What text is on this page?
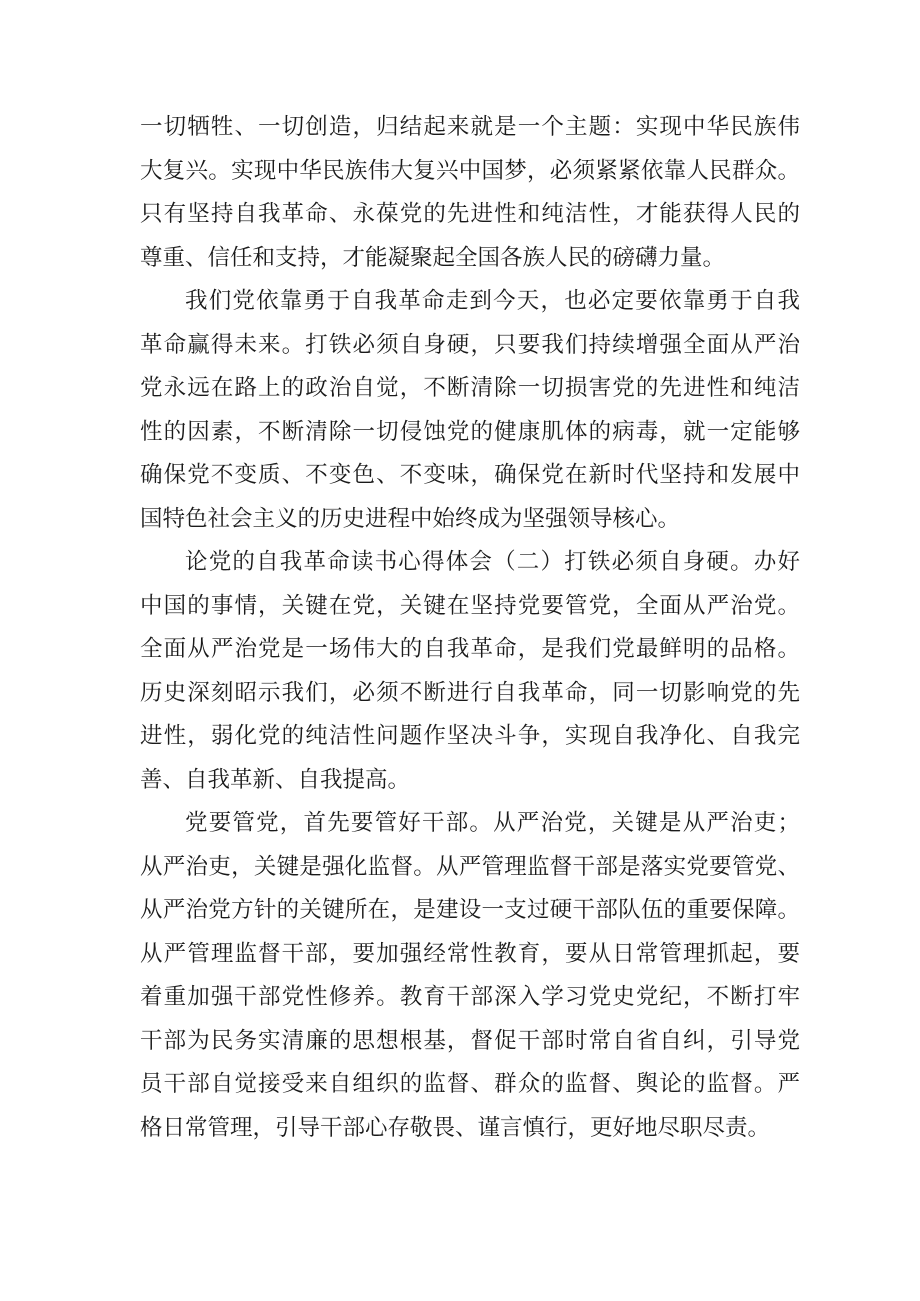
一切牺牲、一切创造，归结起来就是一个主题：实现中华民族伟
大复兴。实现中华民族伟大复兴中国梦，必须紧紧依靠人民群众。
只有坚持自我革命、永葆党的先进性和纯洁性，才能获得人民的
尊重、信任和支持，才能凝聚起全国各族人民的磅礴力量。
我们党依靠勇于自我革命走到今天，也必定要依靠勇于自我
革命赢得未来。打铁必须自身硬，只要我们持续增强全面从严治
党永远在路上的政治自觉，不断清除一切损害党的先进性和纯洁
性的因素，不断清除一切侵蚀党的健康肌体的病毒，就一定能够
确保党不变质、不变色、不变味，确保党在新时代坚持和发展中
国特色社会主义的历史进程中始终成为坚强领导核心。
论党的自我革命读书心得体会（二）打铁必须自身硬。办好
中国的事情，关键在党，关键在坚持党要管党，全面从严治党。
全面从严治党是一场伟大的自我革命，是我们党最鲜明的品格。
历史深刻昭示我们，必须不断进行自我革命，同一切影响党的先
进性，弱化党的纯洁性问题作坚决斗争，实现自我净化、自我完
善、自我革新、自我提高。
党要管党，首先要管好干部。从严治党，关键是从严治吏；
从严治吏，关键是强化监督。从严管理监督干部是落实党要管党、
从严治党方针的关键所在，是建设一支过硬干部队伍的重要保障。
从严管理监督干部，要加强经常性教育，要从日常管理抓起，要
着重加强干部党性修养。教育干部深入学习党史党纪，不断打牢
干部为民务实清廉的思想根基，督促干部时常自省自纠，引导党
员干部自觉接受来自组织的监督、群众的监督、舆论的监督。严
格日常管理，引导干部心存敬畏、谨言慎行，更好地尽职尽责。
